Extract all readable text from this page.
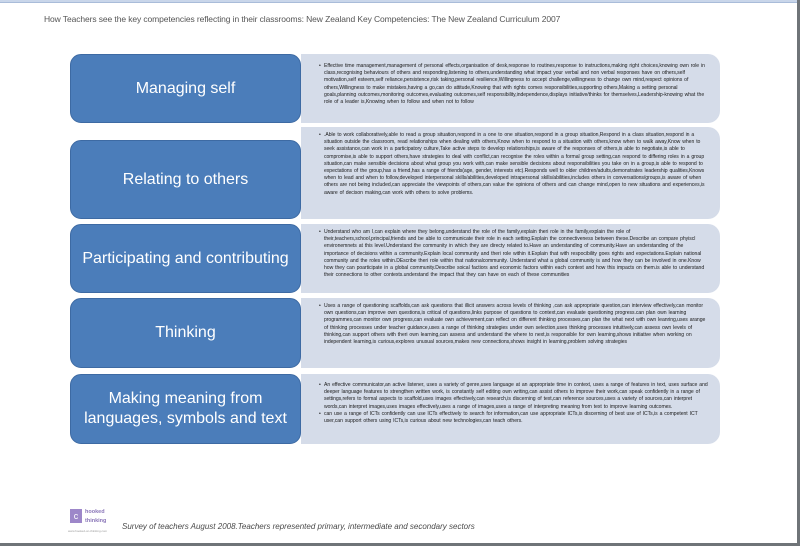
How Teachers see the key competencies reflecting in their classrooms: New Zealand Key Competencies: The New Zealand Curriculum 2007
Managing self
• Effective time management,management of personal effects,organisation of desk,response to routines,response to instructions,making right choices,knowing own role in class,recognising behaviours of others and responding,listening to others,understanding what impact your verbal and non verbal responses have on others,self motivation,self esteem,self reliance,persistence,risk taking,personal resilience,Willingness to accept challenge,willingness to change own mind,respect opinions of others,Willingness to make mistakes,having a go,can do attitude,Knowing that with rights comes responsibilities,supporting others,Making a setting personal goals,planning outcomes,monitoring outcomes,evaluating outcomes,self responsibility,independence,displays initiative/thinks for themselves,Leadership-knowing what the role of a leader is,Knowing when to follow and when not to follow
Relating to others
• .Able to work collaboratively,able to read a group situation,respond in a one to one situation,respond in a group situation,Respond in a class situation,respond in a situation outside the classroom, read relationships when dealing with others,Know when to respond to a situation with others,know when to walk away,Know when to seek assistance,can work in a participatory culture,Take active steps to develop relationships,is aware of the responses of others,is able to negotiate,is able to compromise,is able to support others,have strategies to deal with conflict,can recognise the roles within a formal group setting,can respond to differing roles in a group situation,can make sensible decisions about what group you work with,can make sensible decisions about responsibilities you take on in a group,is able to respond to expectations of the group,has a friend,has a range of friends(age, gender, interests etc).Responds well to older children/adults,demonstrates leadership qualities,Knows when to lead and when to follow,developed interpersonal skills/abilities,developed intrapersonal skills/abilities,includes others in conversations/groups,is aware of when others are not being included,can appreciate the viewpoints of others,can value the opinions of others and can change mind,open to new situations and experiences,is aware of decison making,can work with others to solve problems.
Participating and contributing
• Understand who am I,can explain where they belong,understand the role of the family,explain theri role in the family,explain the role of their,teachers,school,principal,friends and be able to communicate their role in each setting.Explain the connectiveness between these.Describe an compare phyiscl environemnets at this level.Understand the community in which they are directy related to.Have an understanding of community.Have an understanding of the importance of decisions within a community.Explain local community and theri role within it.Explain that with respocibility goes rights and expectations.Explain national community and the roles within.DEscribe theri role within that nationalcommunity. Understand what a global community is and how they can be involved in one.Know how they can poarticipate in a global community.Describe soical factiors and economic factors within each context and how this impacts on them.is able to understand their connections to other contexts.understand the impact that they can have on each of these communities
Thinking
• Uses a range of questioning scaffolds,can ask questions that illicit answers across levels of thinking ,can ask appropriate question,can interview effectively,can monitor own questions,can improve own questions,is critical of questions,links purpose of questions to context,can evaluate questioning progress.can plan own learning programmes,can monitor own progress,can evaluate own achievement,can reflect on different thinking processes,can plan the what next with own leanring,uses arange of thinking processes under teacher guidance,uses a range of thinking strategies under own selection,uses thinking processes intuitively,can assess own levels of thinking,can support others with theri own learning,can assess and understand the where to next,is responsible for own learning,shows initiative when working on independent learning,is curious,explores unusual sources,makes new connections,shows insight in learning,problem solving strategies
Making meaning from languages, symbols and text
• An effective communicator,an active listener, uses a variety of genre,uses language at an appropriate time in context, uses a range of features in text, uses surface and deeper language features to strengthen written work, is constantly self editing own writing,can assist others to improve their work,can speak confidently in a range of settings,refers to formal aspects to scaffold,uses images effectively,can research,is discerning of text,can reference sources,uses a variety of sources,can interpret words,can interpret images,uses images effectively,uses a range of images,uses a range of interpreting meaning from text to improve learning outcomes.
• can use a range of ICTs confidently can use ICTs effectively to search for information,can use appropriate ICTs,is discerning of best use of ICTs,is a competent ICT user,can support others using ICTs,is curious about new technologies,can teach others.
c	hooked
thinking
www.hooked-on-thinking.com Survey of teachers August 2008.Teachers represented primary, intermediate and secondary sectors
